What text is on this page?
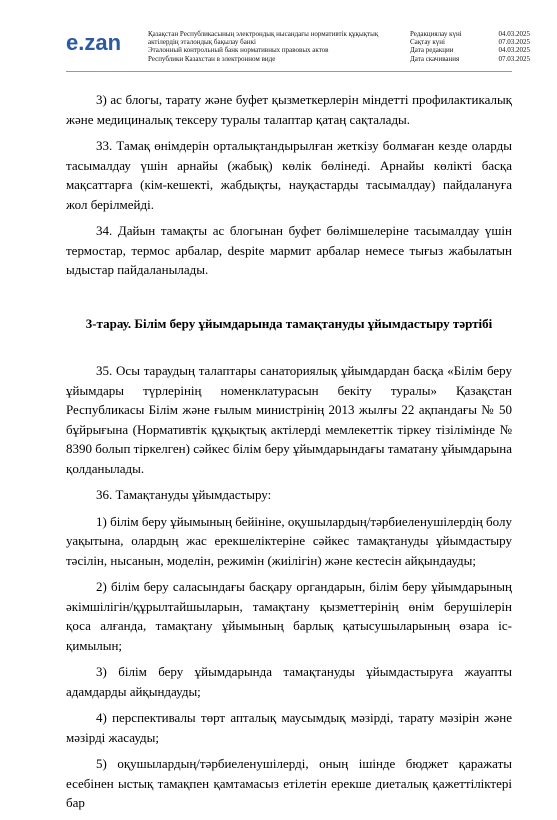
e.zan	Қазақстан Республикасының электрондық нысандағы нормативтік құқықтық
актілердің эталондық бақылау банкі
Эталонный контрольный банк нормативных правовых актов
Республики Казахстан в электронном виде
Редакциялау күні	04.03.2025
Сақтау күні	07.03.2025
Дата редакции	04.03.2025
Дата скачивания	07.03.2025

3) ас блогы, тарату және буфет қызметкерлерін міндетті профилактикалық және медициналық тексеру туралы талаптар қатаң сақталады.

33. Тамақ өнімдерін орталықтандырылған жеткізу болмаған кезде оларды тасымалдау үшін арнайы (жабық) көлік бөлінеді. Арнайы көлікті басқа мақсаттарға (кім-кешекті, жабдықты, науқастарды тасымалдау) пайдалануға жол берілмейді.

34. Дайын тамақты ас блогынан буфет бөлімшелеріне тасымалдау үшін термостар, термос арбалар, despite мармит арбалар немесе тығыз жабылатын ыдыстар пайдаланылады.

3-тарау. Білім беру ұйымдарында тамақтануды ұйымдастыру тәртібі

35. Осы тараудың талаптары санаториялық ұйымдардан басқа «Білім беру ұйымдары түрлерінің номенклатурасын бекіту туралы» Қазақстан Республикасы Білім және ғылым министрінің 2013 жылғы 22 ақпандағы № 50 бұйрығына (Нормативтік құқықтық актілерді мемлекеттік тіркеу тізілімінде № 8390 болып тіркелген) сәйкес білім беру ұйымдарындағы таматану ұйымдарына қолданылады.

36. Тамақтануды ұйымдастыру:

1) білім беру ұйымының бейініне, оқушылардың/тәрбиеленушілердің болу уақытына, олардың жас ерекшеліктеріне сәйкес тамақтануды ұйымдастыру тәсілін, нысанын, моделін, режимін (жиілігін) және кестесін айқындауды;

2) білім беру саласындағы басқару органдарын, білім беру ұйымдарының әкімшілігін/құрылтайшыларын, тамақтану қызметтерінің өнім берушілерін қоса алғанда, тамақтану ұйымының барлық қатысушыларының өзара іс-қимылын;

3) білім беру ұйымдарында тамақтануды ұйымдастыруға жауапты адамдарды айқындауды;

4) перспективалы төрт апталық маусымдық мәзірді, тарату мәзірін және мәзірді жасауды;

5) оқушылардың/тәрбиеленушілерді, оның ішінде бюджет қаражаты есебінен ыстық тамақпен қамтамасыз етілетін ерекше диеталық қажеттіліктері бар
